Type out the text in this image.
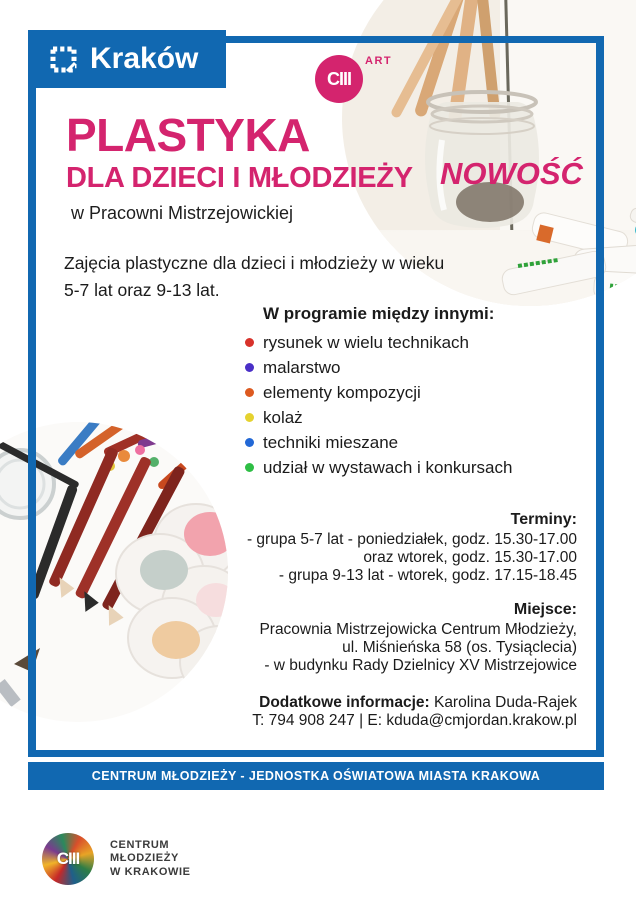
Kraków
CIII
ART
PLASTYKA
DLA DZIECI I MŁODZIEŻY
w Pracowni Mistrzejowickiej
NOWOŚĆ
Zajęcia plastyczne dla dzieci i młodzieży w wieku
5-7 lat oraz 9-13 lat.
W programie między innymi:
rysunek w wielu technikach
malarstwo
elementy kompozycji
kolaż
techniki mieszane
udział w wystawach i konkursach
Terminy:
- grupa 5-7 lat - poniedziałek, godz. 15.30-17.00
oraz wtorek, godz. 15.30-17.00
- grupa 9-13 lat - wtorek, godz. 17.15-18.45
Miejsce:
Pracownia Mistrzejowicka Centrum Młodzieży,
ul. Miśnieńska 58 (os. Tysiąclecia)
- w budynku Rady Dzielnicy XV Mistrzejowice
Dodatkowe informacje: Karolina Duda-Rajek
T: 794 908 247 | E: kduda@cmjordan.krakow.pl
CENTRUM MŁODZIEŻY - JEDNOSTKA OŚWIATOWA MIASTA KRAKOWA
CIII
CENTRUM
MŁODZIEŻY
W KRAKOWIE
